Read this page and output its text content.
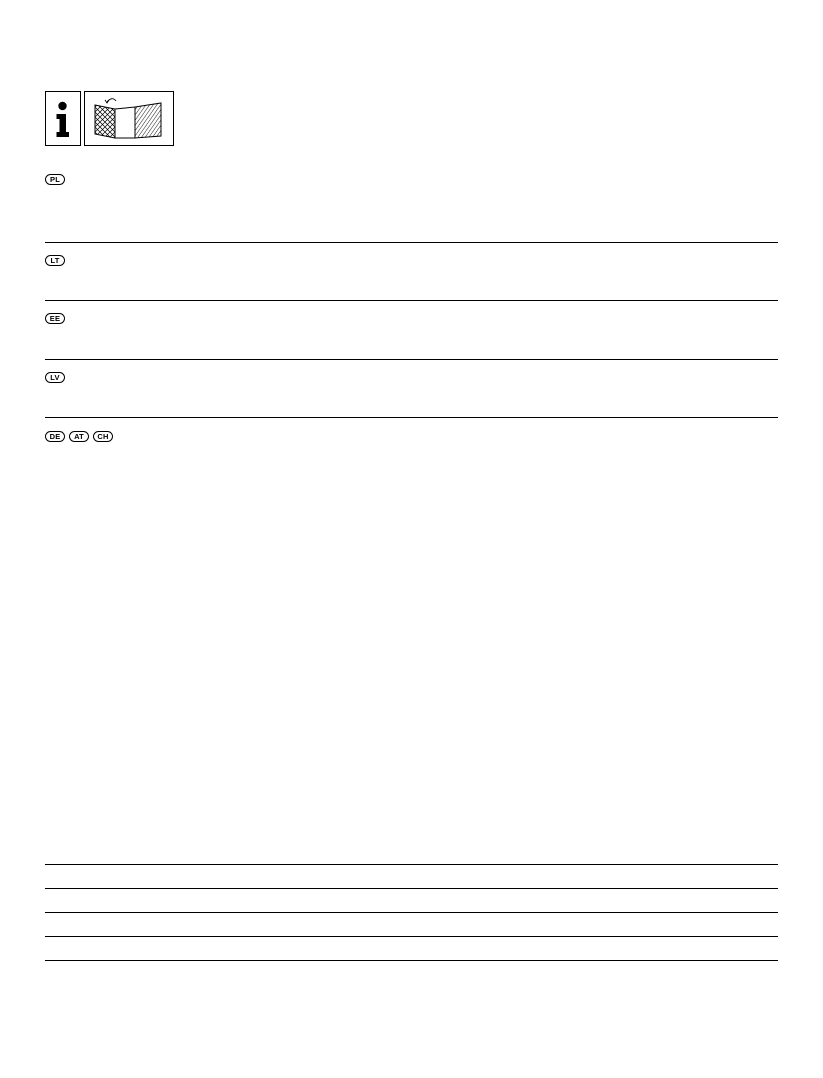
PL
LT
EE
LV
DE	AT	CH
